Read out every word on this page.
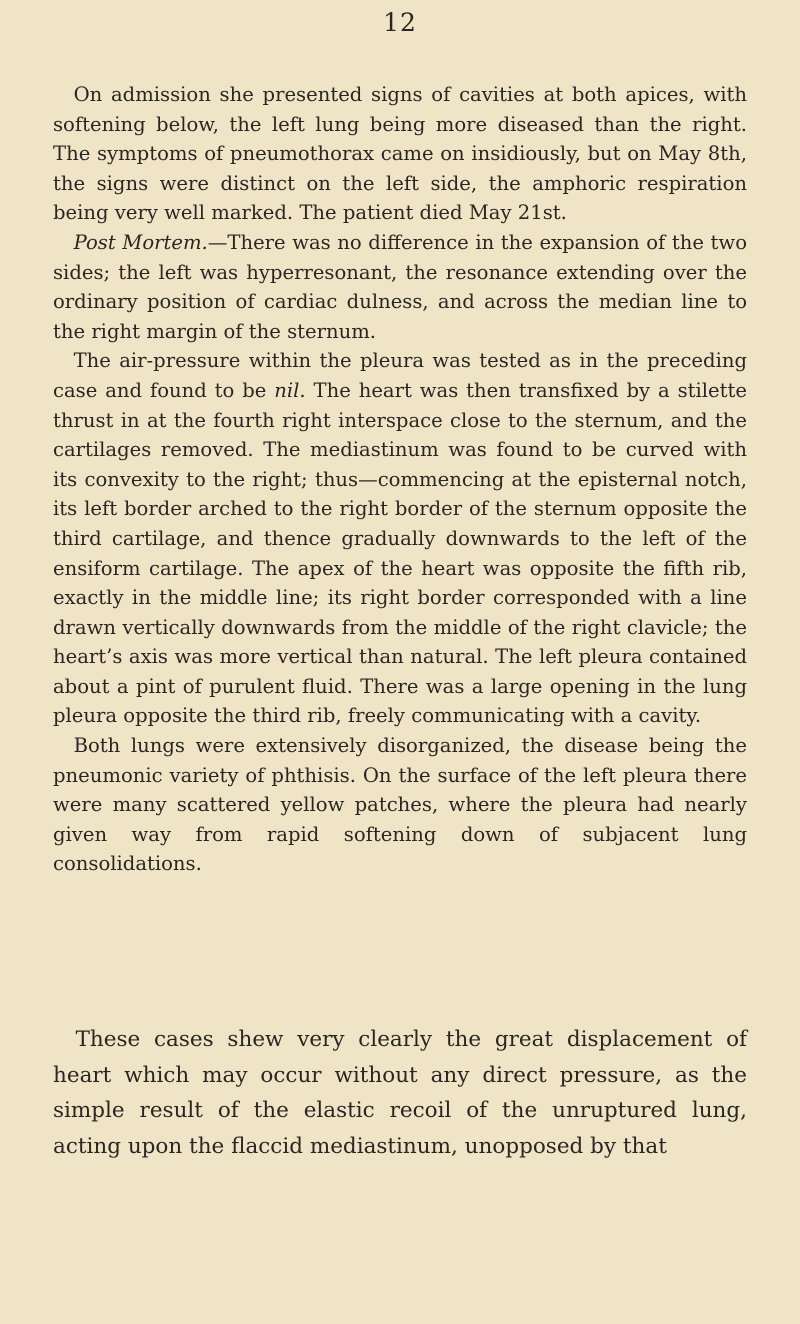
12

On admission she presented signs of cavities at both apices, with softening below, the left lung being more diseased than the right. The symptoms of pneumothorax came on insidiously, but on May 8th, the signs were distinct on the left side, the amphoric respiration being very well marked. The patient died May 21st.

Post Mortem.—There was no difference in the expansion of the two sides; the left was hyperresonant, the resonance extending over the ordinary position of cardiac dulness, and across the median line to the right margin of the sternum.

The air-pressure within the pleura was tested as in the preceding case and found to be nil. The heart was then transfixed by a stilette thrust in at the fourth right interspace close to the sternum, and the cartilages removed. The mediastinum was found to be curved with its convexity to the right; thus—commencing at the episternal notch, its left border arched to the right border of the sternum opposite the third cartilage, and thence gradually downwards to the left of the ensiform cartilage. The apex of the heart was opposite the fifth rib, exactly in the middle line; its right border corresponded with a line drawn vertically downwards from the middle of the right clavicle; the heart’s axis was more vertical than natural. The left pleura contained about a pint of purulent fluid. There was a large opening in the lung pleura opposite the third rib, freely communicating with a cavity.

Both lungs were extensively disorganized, the disease being the pneumonic variety of phthisis. On the surface of the left pleura there were many scattered yellow patches, where the pleura had nearly given way from rapid softening down of subjacent lung consolidations.

These cases shew very clearly the great displacement of heart which may occur without any direct pressure, as the simple result of the elastic recoil of the unruptured lung, acting upon the flaccid mediastinum, unopposed by that
